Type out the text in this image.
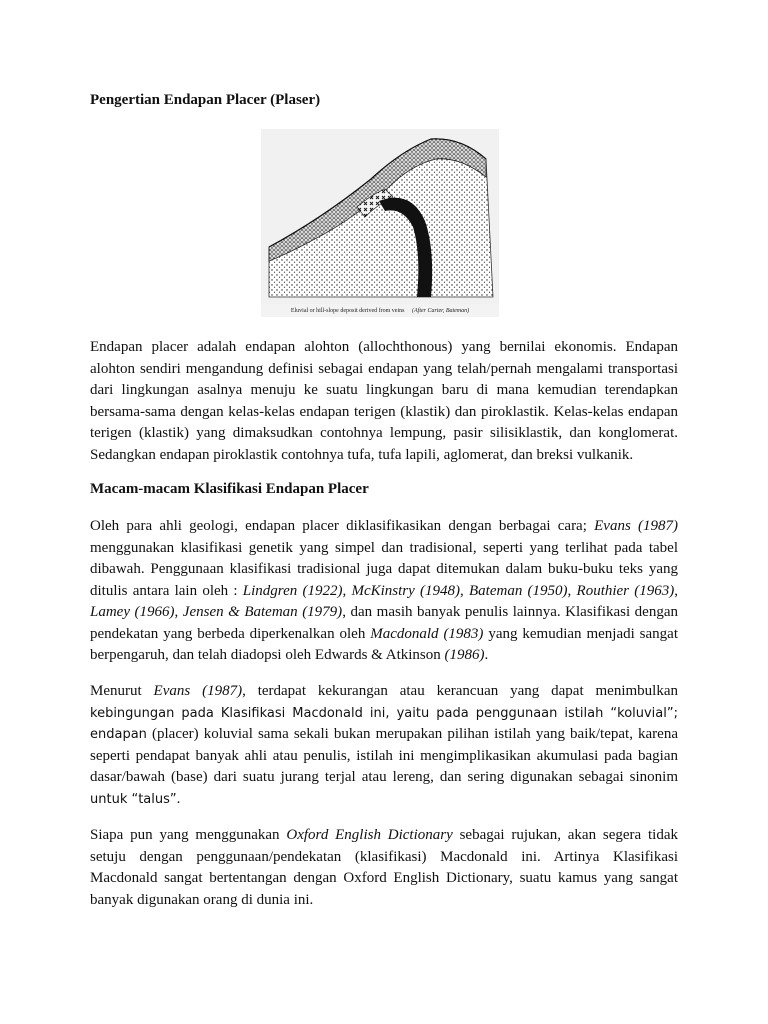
Pengertian Endapan Placer (Plaser)
Eluvial or hill-slope deposit derived from veins (After Carter, Bateman)

Endapan placer adalah endapan alohton (allochthonous) yang bernilai ekonomis. Endapan alohton sendiri mengandung definisi sebagai endapan yang telah/pernah mengalami transportasi dari lingkungan asalnya menuju ke suatu lingkungan baru di mana kemudian terendapkan bersama-sama dengan kelas-kelas endapan terigen (klastik) dan piroklastik. Kelas-kelas endapan terigen (klastik) yang dimaksudkan contohnya lempung, pasir silisiklastik, dan konglomerat. Sedangkan endapan piroklastik contohnya tufa, tufa lapili, aglomerat, dan breksi vulkanik.

Macam-macam Klasifikasi Endapan Placer

Oleh para ahli geologi, endapan placer diklasifikasikan dengan berbagai cara; Evans (1987) menggunakan klasifikasi genetik yang simpel dan tradisional, seperti yang terlihat pada tabel dibawah. Penggunaan klasifikasi tradisional juga dapat ditemukan dalam buku-buku teks yang ditulis antara lain oleh : Lindgren (1922), McKinstry (1948), Bateman (1950), Routhier (1963), Lamey (1966), Jensen & Bateman (1979), dan masih banyak penulis lainnya. Klasifikasi dengan pendekatan yang berbeda diperkenalkan oleh Macdonald (1983) yang kemudian menjadi sangat berpengaruh, dan telah diadopsi oleh Edwards & Atkinson (1986).

Menurut Evans (1987), terdapat kekurangan atau kerancuan yang dapat menimbulkan kebingungan pada Klasifikasi Macdonald ini, yaitu pada penggunaan istilah “koluvial”; endapan (placer) koluvial sama sekali bukan merupakan pilihan istilah yang baik/tepat, karena seperti pendapat banyak ahli atau penulis, istilah ini mengimplikasikan akumulasi pada bagian dasar/bawah (base) dari suatu jurang terjal atau lereng, dan sering digunakan sebagai sinonim untuk “talus”.

Siapa pun yang menggunakan Oxford English Dictionary sebagai rujukan, akan segera tidak setuju dengan penggunaan/pendekatan (klasifikasi) Macdonald ini. Artinya Klasifikasi Macdonald sangat bertentangan dengan Oxford English Dictionary, suatu kamus yang sangat banyak digunakan orang di dunia ini.
